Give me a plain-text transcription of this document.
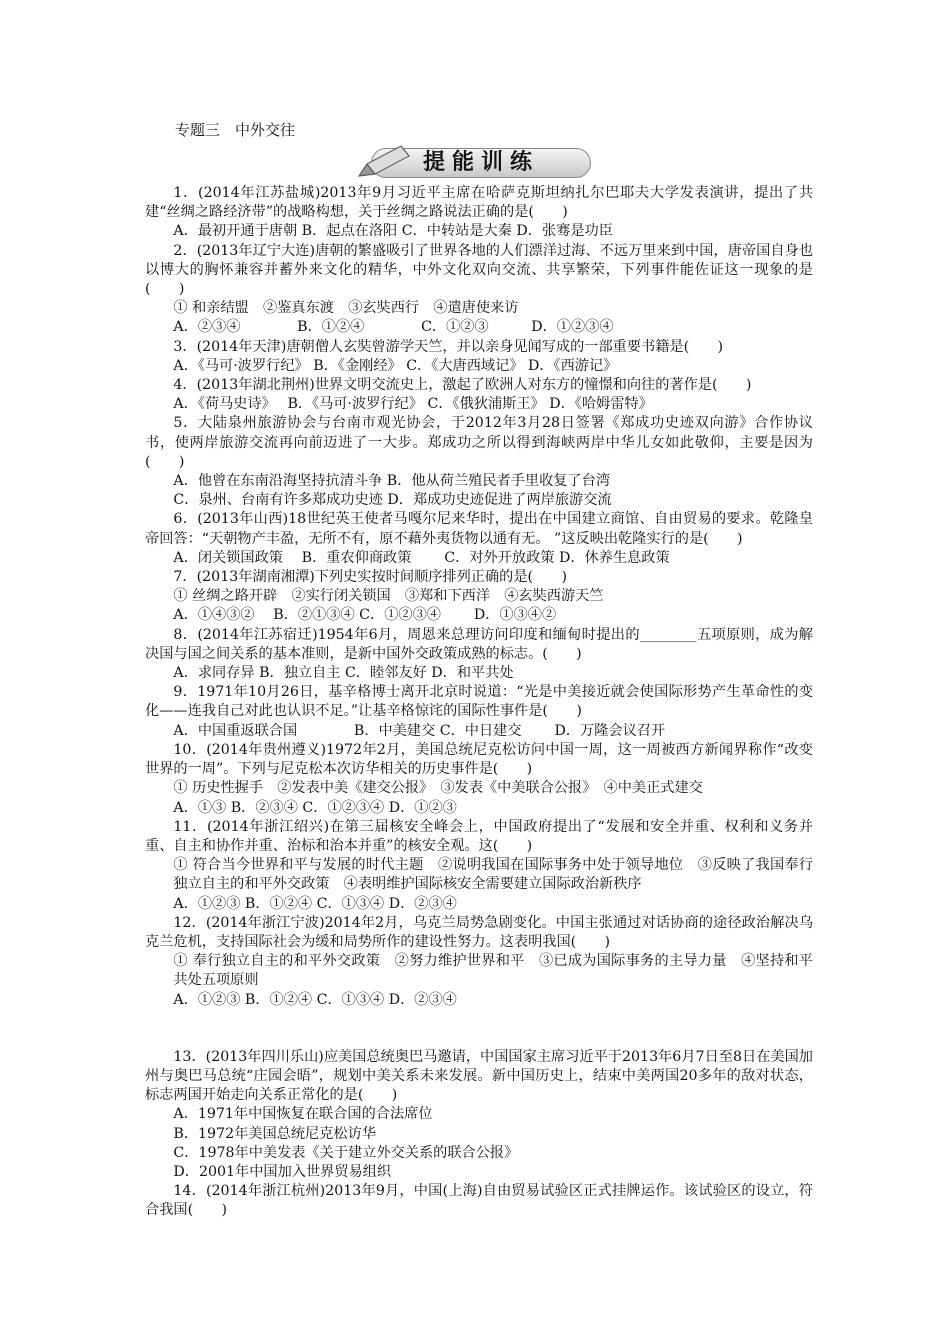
专题三　中外交往
提能训练
1．(2014年江苏盐城)2013年9月习近平主席在哈萨克斯坦纳扎尔巴耶夫大学发表演讲，提出了共建“丝绸之路经济带”的战略构想，关于丝绸之路说法正确的是(　　)
A．最初开通于唐朝 B．起点在洛阳 C．中转站是大秦 D．张骞是功臣
2．(2013年辽宁大连)唐朝的繁盛吸引了世界各地的人们漂洋过海、不远万里来到中国，唐帝国自身也以博大的胸怀兼容并蓄外来文化的精华，中外文化双向交流、共享繁荣，下列事件能佐证这一现象的是(　　)
① 和亲结盟　②鉴真东渡　③玄奘西行　④遣唐使来访
A．②③④　　　　B．①②④　　　　C．①②③　　　D．①②③④
3．(2014年天津)唐朝僧人玄奘曾游学天竺，并以亲身见闻写成的一部重要书籍是(　　)
A．《马可·波罗行纪》 B．《金刚经》 C．《大唐西域记》 D．《西游记》
4．(2013年湖北荆州)世界文明交流史上，激起了欧洲人对东方的憧憬和向往的著作是(　　)
A．《荷马史诗》　 B．《马可·波罗行纪》 C．《俄狄浦斯王》 D．《哈姆雷特》
5．大陆泉州旅游协会与台南市观光协会，于2012年3月28日签署《郑成功史迹双向游》合作协议书，使两岸旅游交流再向前迈进了一大步。郑成功之所以得到海峡两岸中华儿女如此敬仰，主要是因为(　　)
A．他曾在东南沿海坚持抗清斗争 B．他从荷兰殖民者手里收复了台湾
C．泉州、台南有许多郑成功史迹 D．郑成功史迹促进了两岸旅游交流
6．(2013年山西)18世纪英王使者马嘎尔尼来华时，提出在中国建立商馆、自由贸易的要求。乾隆皇帝回答：“天朝物产丰盈，无所不有，原不藉外夷货物以通有无。 ”这反映出乾隆实行的是(　　)
A．闭关锁国政策　 B．重农仰商政策　　 C．对外开放政策 D．休养生息政策
7．(2013年湖南湘潭)下列史实按时间顺序排列正确的是(　　)
① 丝绸之路开辟　②实行闭关锁国　③郑和下西洋　④玄奘西游天竺
A．①④③②　 B．②①③④ C．①②③④　　 D．①③④②
8．(2014年江苏宿迁)1954年6月，周恩来总理访问印度和缅甸时提出的________五项原则，成为解决国与国之间关系的基本准则，是新中国外交政策成熟的标志。(　　)
A．求同存异 B．独立自主 C．睦邻友好 D．和平共处
9．1971年10月26日，基辛格博士离开北京时说道：“光是中美接近就会使国际形势产生革命性的变化——连我自己对此也认识不足。”让基辛格惊诧的国际性事件是(　　)
A．中国重返联合国　　　　B．中美建交 C．中日建交　　 D．万隆会议召开
10．(2014年贵州遵义)1972年2月，美国总统尼克松访问中国一周，这一周被西方新闻界称作“改变世界的一周”。下列与尼克松本次访华相关的历史事件是(　　)
① 历史性握手　②发表中美《建交公报》　③发表《中美联合公报》　④中美正式建交
A．①③ B．②③④ C．①②③④ D．①②③
11．(2014年浙江绍兴)在第三届核安全峰会上，中国政府提出了“发展和安全并重、权利和义务并重、自主和协作并重、治标和治本并重”的核安全观。这(　　)
① 符合当今世界和平与发展的时代主题　②说明我国在国际事务中处于领导地位　③反映了我国奉行独立自主的和平外交政策　④表明维护国际核安全需要建立国际政治新秩序
A．①②③ B．①②④ C．①③④ D．②③④
12．(2014年浙江宁波)2014年2月，乌克兰局势急剧变化。中国主张通过对话协商的途径政治解决乌克兰危机，支持国际社会为缓和局势所作的建设性努力。这表明我国(　　)
① 奉行独立自主的和平外交政策　②努力维护世界和平　③已成为国际事务的主导力量　④坚持和平共处五项原则
A．①②③ B．①②④ C．①③④ D．②③④
13．(2013年四川乐山)应美国总统奥巴马邀请，中国国家主席习近平于2013年6月7日至8日在美国加州与奥巴马总统“庄园会晤”，规划中美关系未来发展。新中国历史上，结束中美两国20多年的敌对状态，标志两国开始走向关系正常化的是(　　)
A．1971年中国恢复在联合国的合法席位
B．1972年美国总统尼克松访华
C．1978年中美发表《关于建立外交关系的联合公报》
D．2001年中国加入世界贸易组织
14．(2014年浙江杭州)2013年9月，中国(上海)自由贸易试验区正式挂牌运作。该试验区的设立，符合我国(　　)
